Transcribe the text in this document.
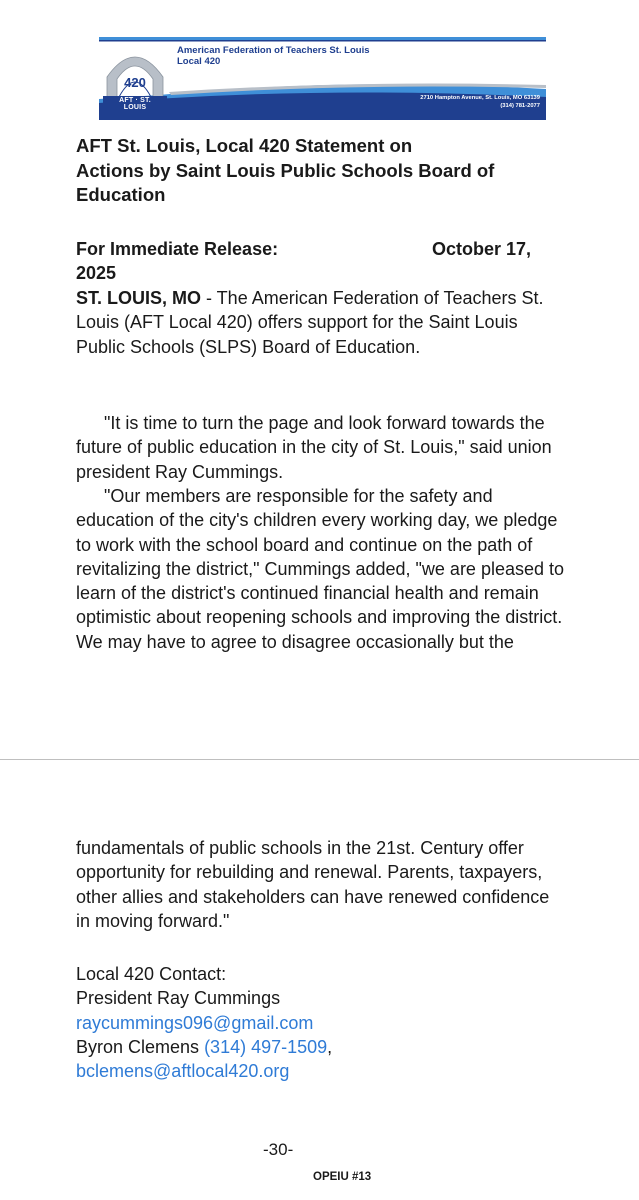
420
AFT · ST. LOUIS
American Federation of Teachers St. Louis
Local 420
2710 Hampton Avenue, St. Louis, MO 63139
(314) 781-2077
AFT St. Louis, Local 420 Statement on
Actions by Saint Louis Public Schools Board of
Education
For Immediate Release:	October 17,
2025

ST. LOUIS, MO - The American Federation of Teachers St. Louis (AFT Local 420) offers support for the Saint Louis Public Schools (SLPS) Board of Education.

"It is time to turn the page and look forward towards the future of public education in the city of St. Louis," said union president Ray Cummings.

"Our members are responsible for the safety and education of the city's children every working day, we pledge to work with the school board and continue on the path of revitalizing the district," Cummings added, "we are pleased to learn of the district's continued financial health and remain optimistic about reopening schools and improving the district. We may have to agree to disagree occasionally but the

fundamentals of public schools in the 21st. Century offer opportunity for rebuilding and renewal. Parents, taxpayers, other allies and stakeholders can have renewed confidence in moving forward."

Local 420 Contact:
President Ray Cummings
raycummings096@gmail.com
Byron Clemens (314) 497-1509,
bclemens@aftlocal420.org
-30-
OPEIU #13
